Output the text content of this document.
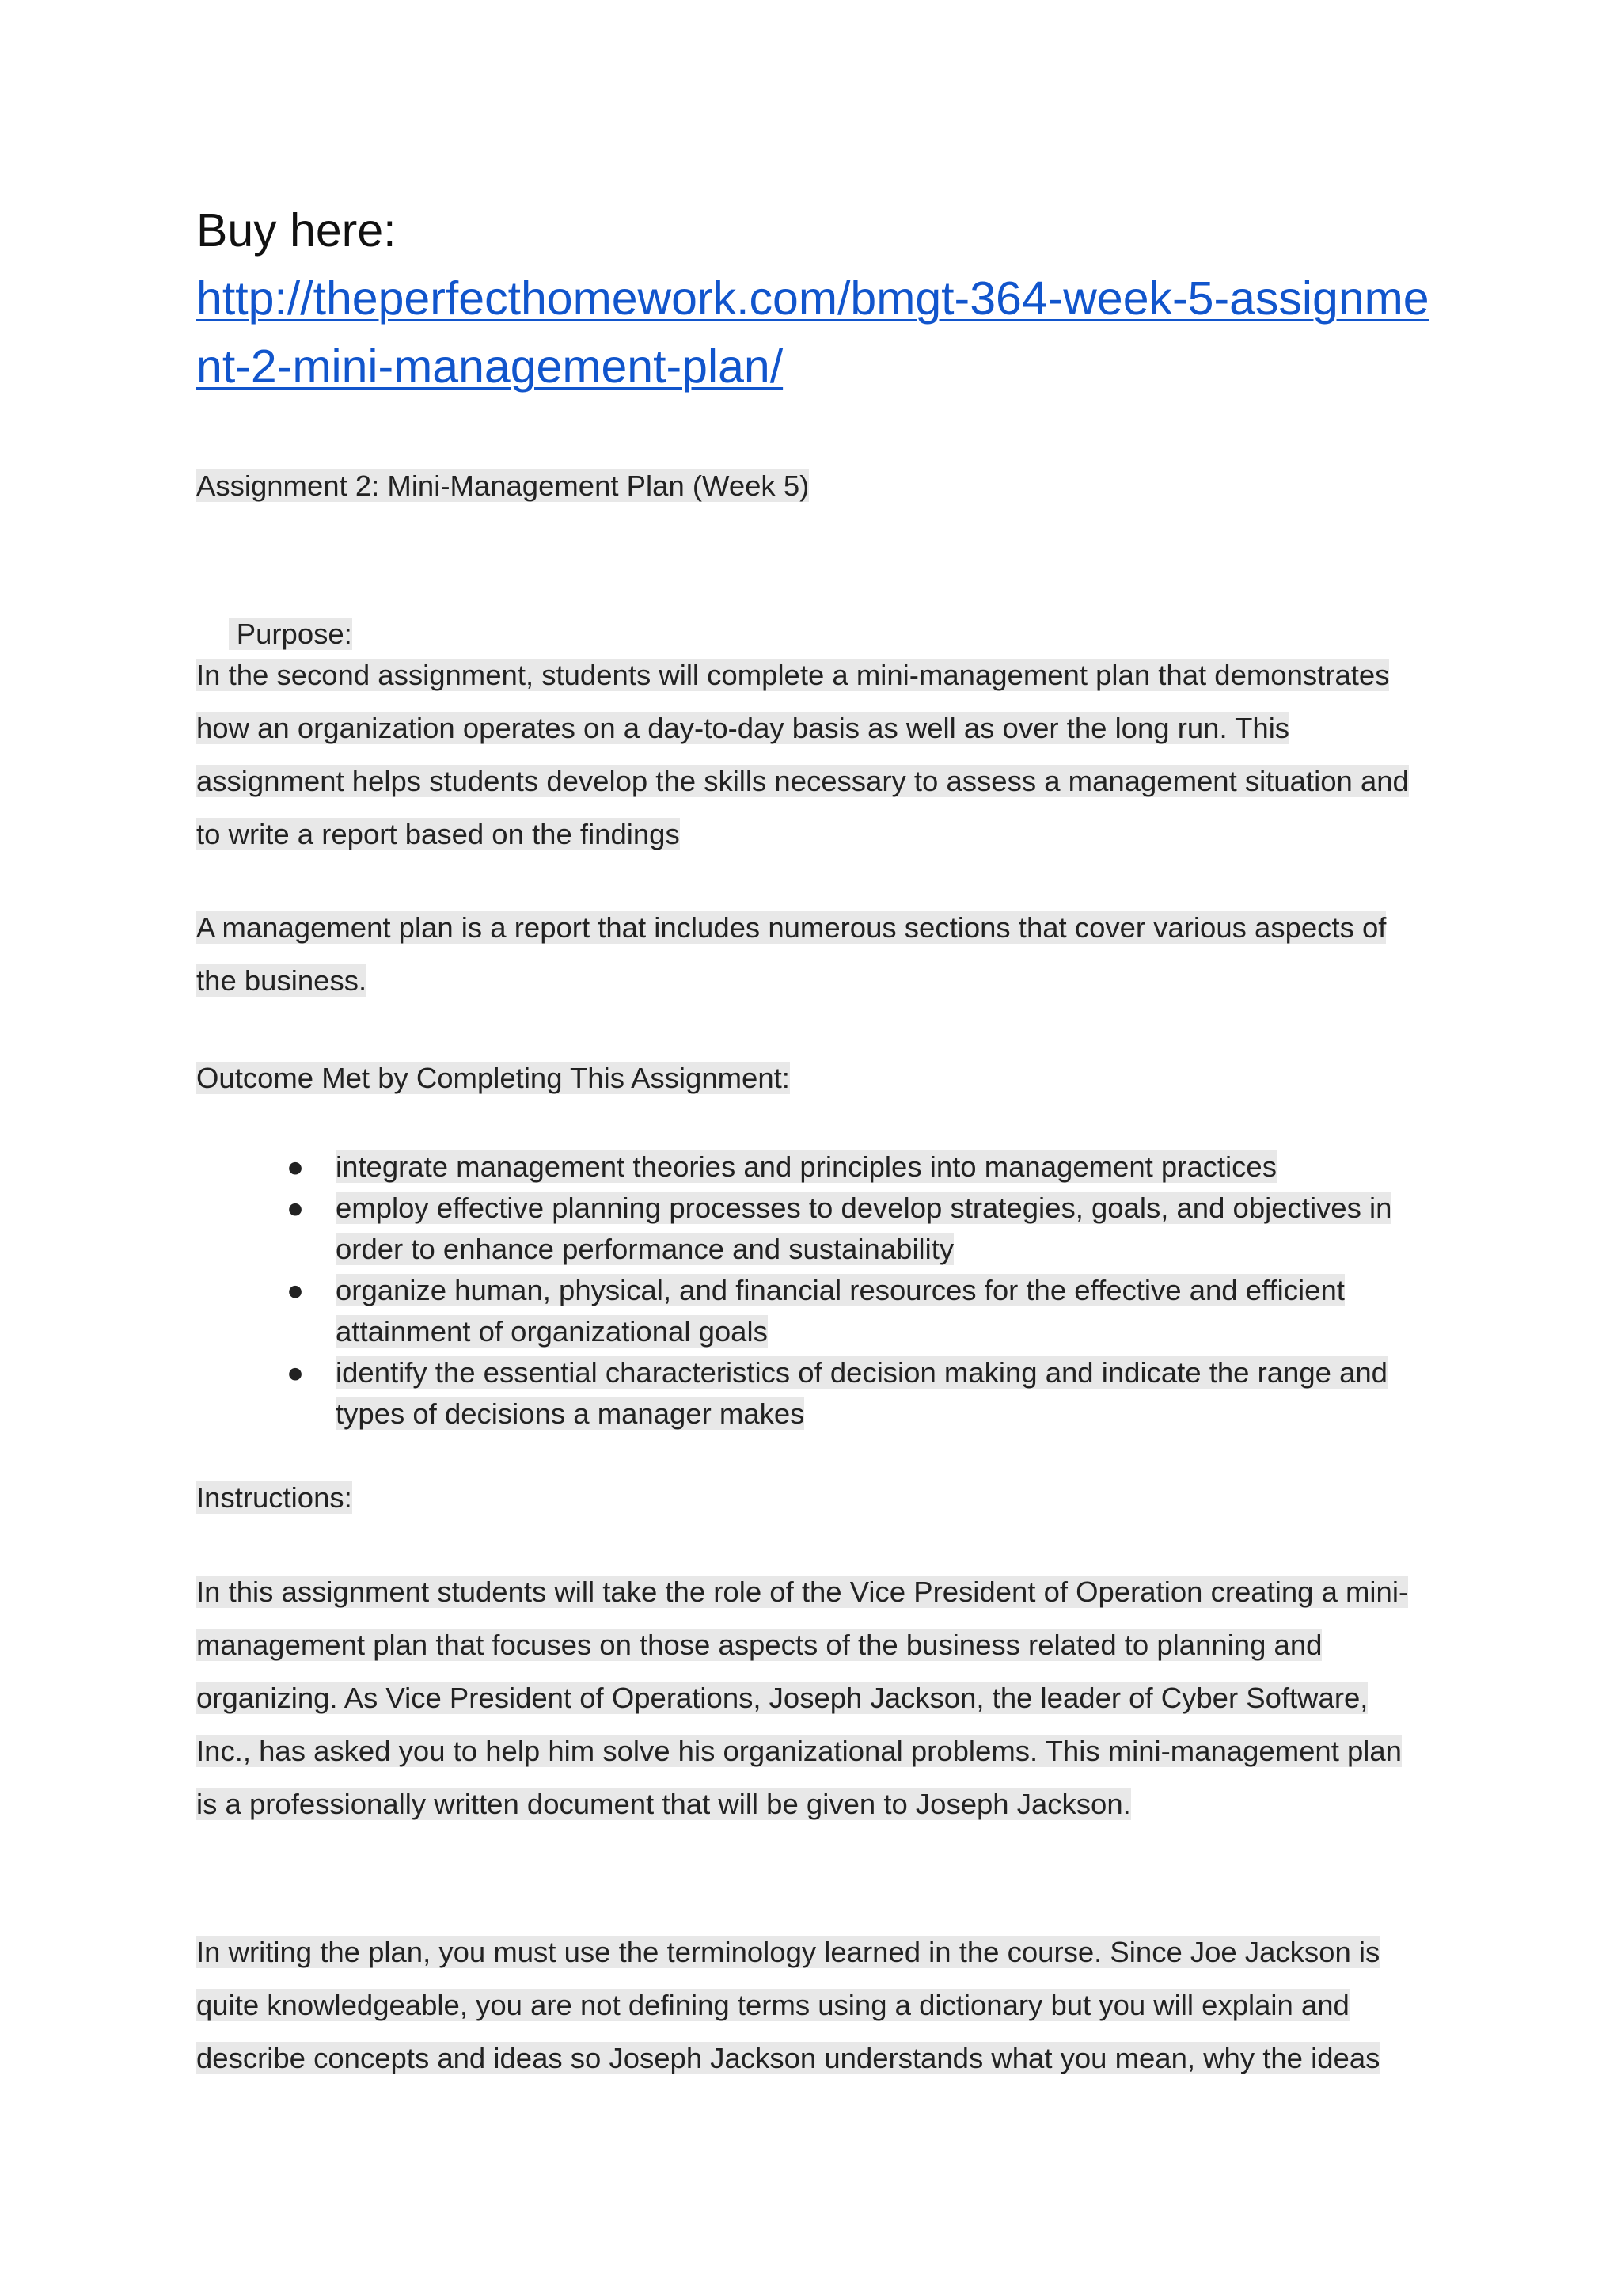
Buy here:
http://theperfecthomework.com/bmgt-364-week-5-assignment-2-mini-management-plan/

Assignment 2: Mini-Management Plan (Week 5)

Purpose:

In the second assignment, students will complete a mini-management plan that demonstrates how an organization operates on a day-to-day basis as well as over the long run. This assignment helps students develop the skills necessary to assess a management situation and to write a report based on the findings

A management plan is a report that includes numerous sections that cover various aspects of the business.

Outcome Met by Completing This Assignment:

● integrate management theories and principles into management practices
● employ effective planning processes to develop strategies, goals, and objectives in order to enhance performance and sustainability
● organize human, physical, and financial resources for the effective and efficient attainment of organizational goals
● identify the essential characteristics of decision making and indicate the range and types of decisions a manager makes

Instructions:

In this assignment students will take the role of the Vice President of Operation creating a mini-management plan that focuses on those aspects of the business related to planning and organizing. As Vice President of Operations, Joseph Jackson, the leader of Cyber Software, Inc., has asked you to help him solve his organizational problems. This mini-management plan is a professionally written document that will be given to Joseph Jackson.

In writing the plan, you must use the terminology learned in the course. Since Joe Jackson is quite knowledgeable, you are not defining terms using a dictionary but you will explain and describe concepts and ideas so Joseph Jackson understands what you mean, why the ideas
